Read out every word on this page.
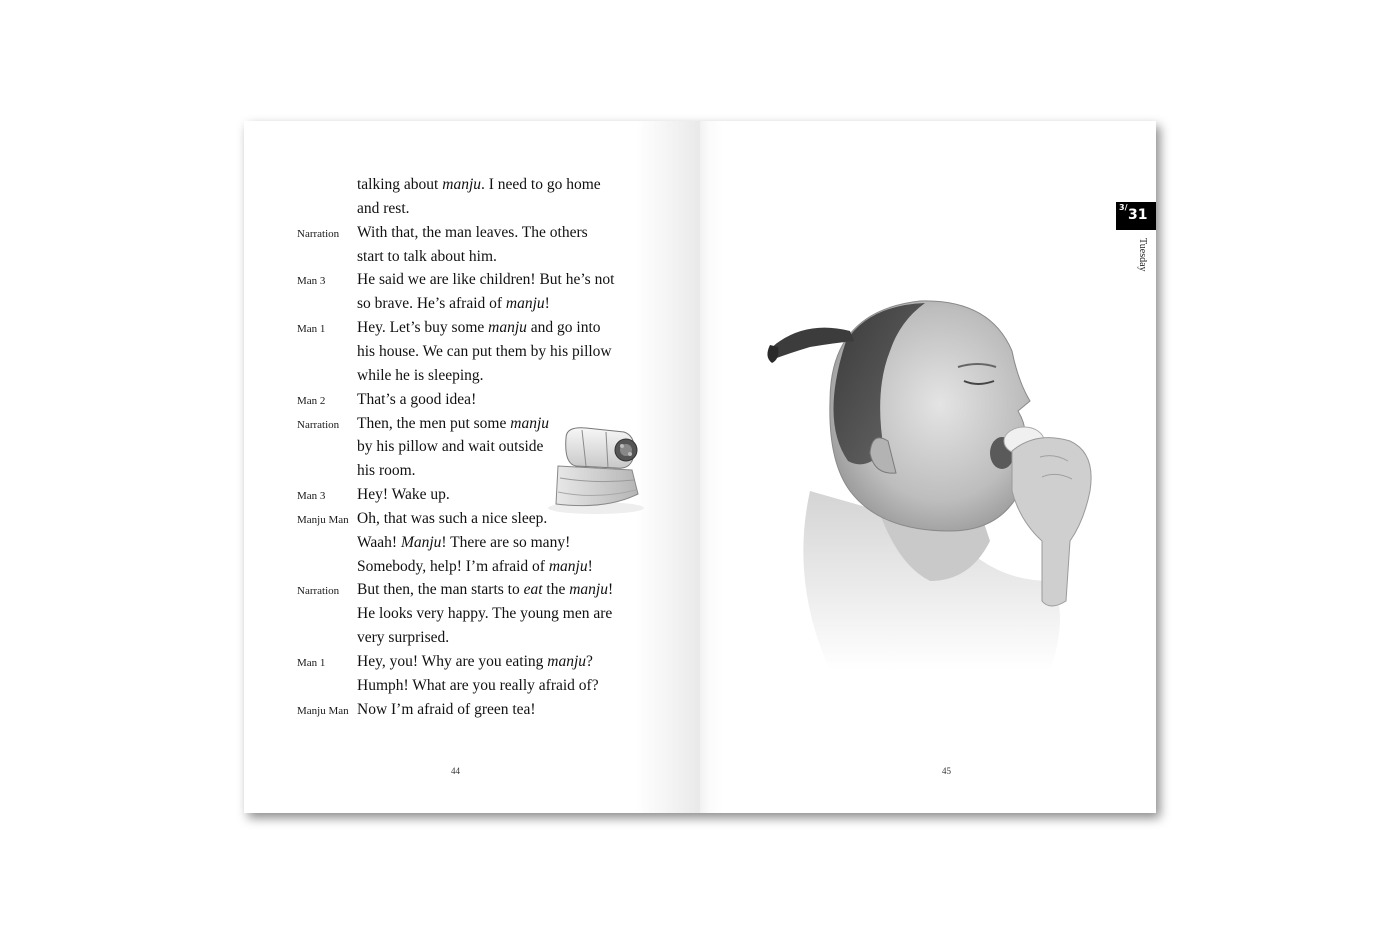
talking about manju. I need to go home
and rest.
Narration With that, the man leaves. The others
start to talk about him.
Man 3 He said we are like children! But he’s not
so brave. He’s afraid of manju!
Man 1 Hey. Let’s buy some manju and go into
his house. We can put them by his pillow
while he is sleeping.
Man 2 That’s a good idea!
Narration Then, the men put some manju
by his pillow and wait outside
his room.
Man 3 Hey! Wake up.
Manju Man Oh, that was such a nice sleep.
Waah! Manju! There are so many!
Somebody, help! I’m afraid of manju!
Narration But then, the man starts to eat the manju!
He looks very happy. The young men are
very surprised.
Man 1 Hey, you! Why are you eating manju?
Humph! What are you really afraid of?
Manju Man Now I’m afraid of green tea!
44
3/ 31
Tuesday
45
